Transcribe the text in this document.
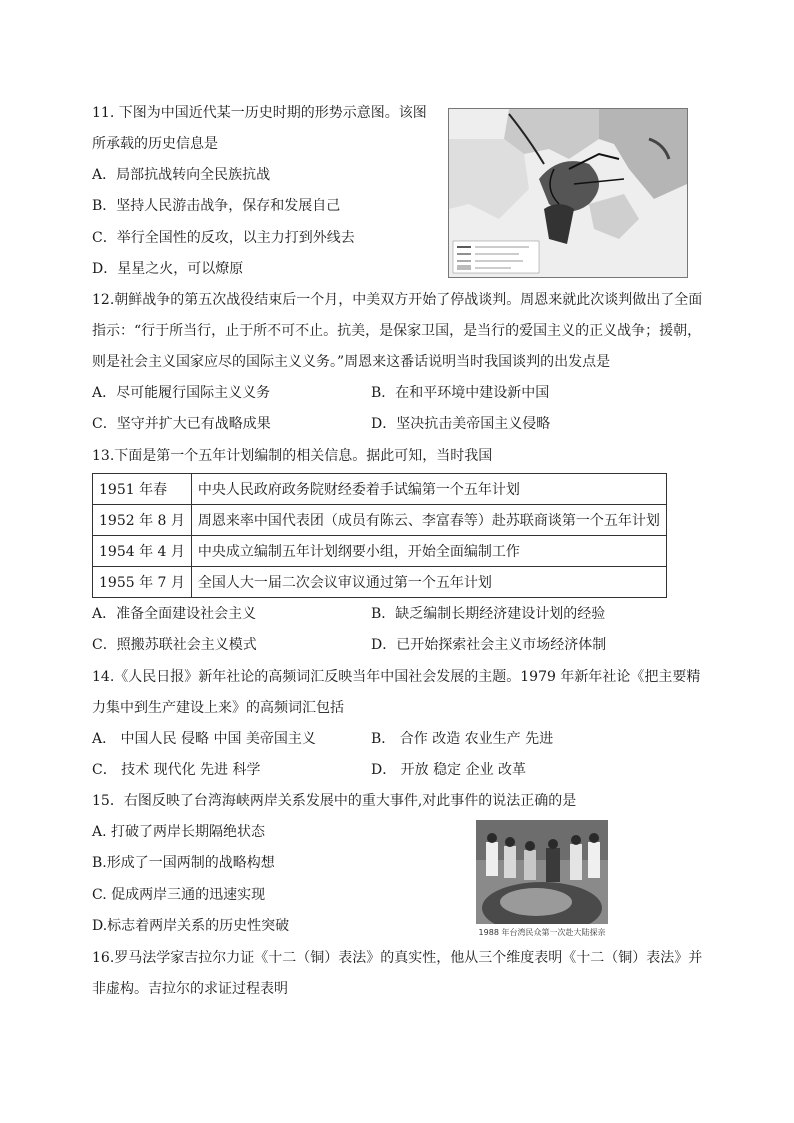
11. 下图为中国近代某一历史时期的形势示意图。该图
所承载的历史信息是
A．局部抗战转向全民族抗战
B．坚持人民游击战争，保存和发展自己
C．举行全国性的反攻，以主力打到外线去
D．星星之火，可以燎原
12.朝鲜战争的第五次战役结束后一个月，中美双方开始了停战谈判。周恩来就此次谈判做出了全面
指示：“行于所当行，止于所不可不止。抗美，是保家卫国，是当行的爱国主义的正义战争；援朝，
则是社会主义国家应尽的国际主义义务。”周恩来这番话说明当时我国谈判的出发点是
A．尽可能履行国际主义义务	B．在和平环境中建设新中国
C．坚守并扩大已有战略成果	D．坚决抗击美帝国主义侵略
13.下面是第一个五年计划编制的相关信息。据此可知，当时我国
1951 年春	中央人民政府政务院财经委着手试编第一个五年计划
1952 年 8 月	周恩来率中国代表团（成员有陈云、李富春等）赴苏联商谈第一个五年计划
1954 年 4 月	中央成立编制五年计划纲要小组，开始全面编制工作
1955 年 7 月	全国人大一届二次会议审议通过第一个五年计划
A．准备全面建设社会主义	B．缺乏编制长期经济建设计划的经验
C．照搬苏联社会主义模式	D．已开始探索社会主义市场经济体制
14.《人民日报》新年社论的高频词汇反映当年中国社会发展的主题。1979 年新年社论《把主要精
力集中到生产建设上来》的高频词汇包括
A． 中国人民 侵略 中国 美帝国主义	B． 合作 改造 农业生产 先进
C． 技术 现代化 先进 科学	D． 开放 稳定 企业 改革
15．右图反映了台湾海峡两岸关系发展中的重大事件,对此事件的说法正确的是
A. 打破了两岸长期隔绝状态
B.形成了一国两制的战略构想
C. 促成两岸三通的迅速实现
D.标志着两岸关系的历史性突破	1988 年台湾民众第一次赴大陆探亲
16.罗马法学家吉拉尔力证《十二（铜）表法》的真实性，他从三个维度表明《十二（铜）表法》并
非虚构。吉拉尔的求证过程表明
